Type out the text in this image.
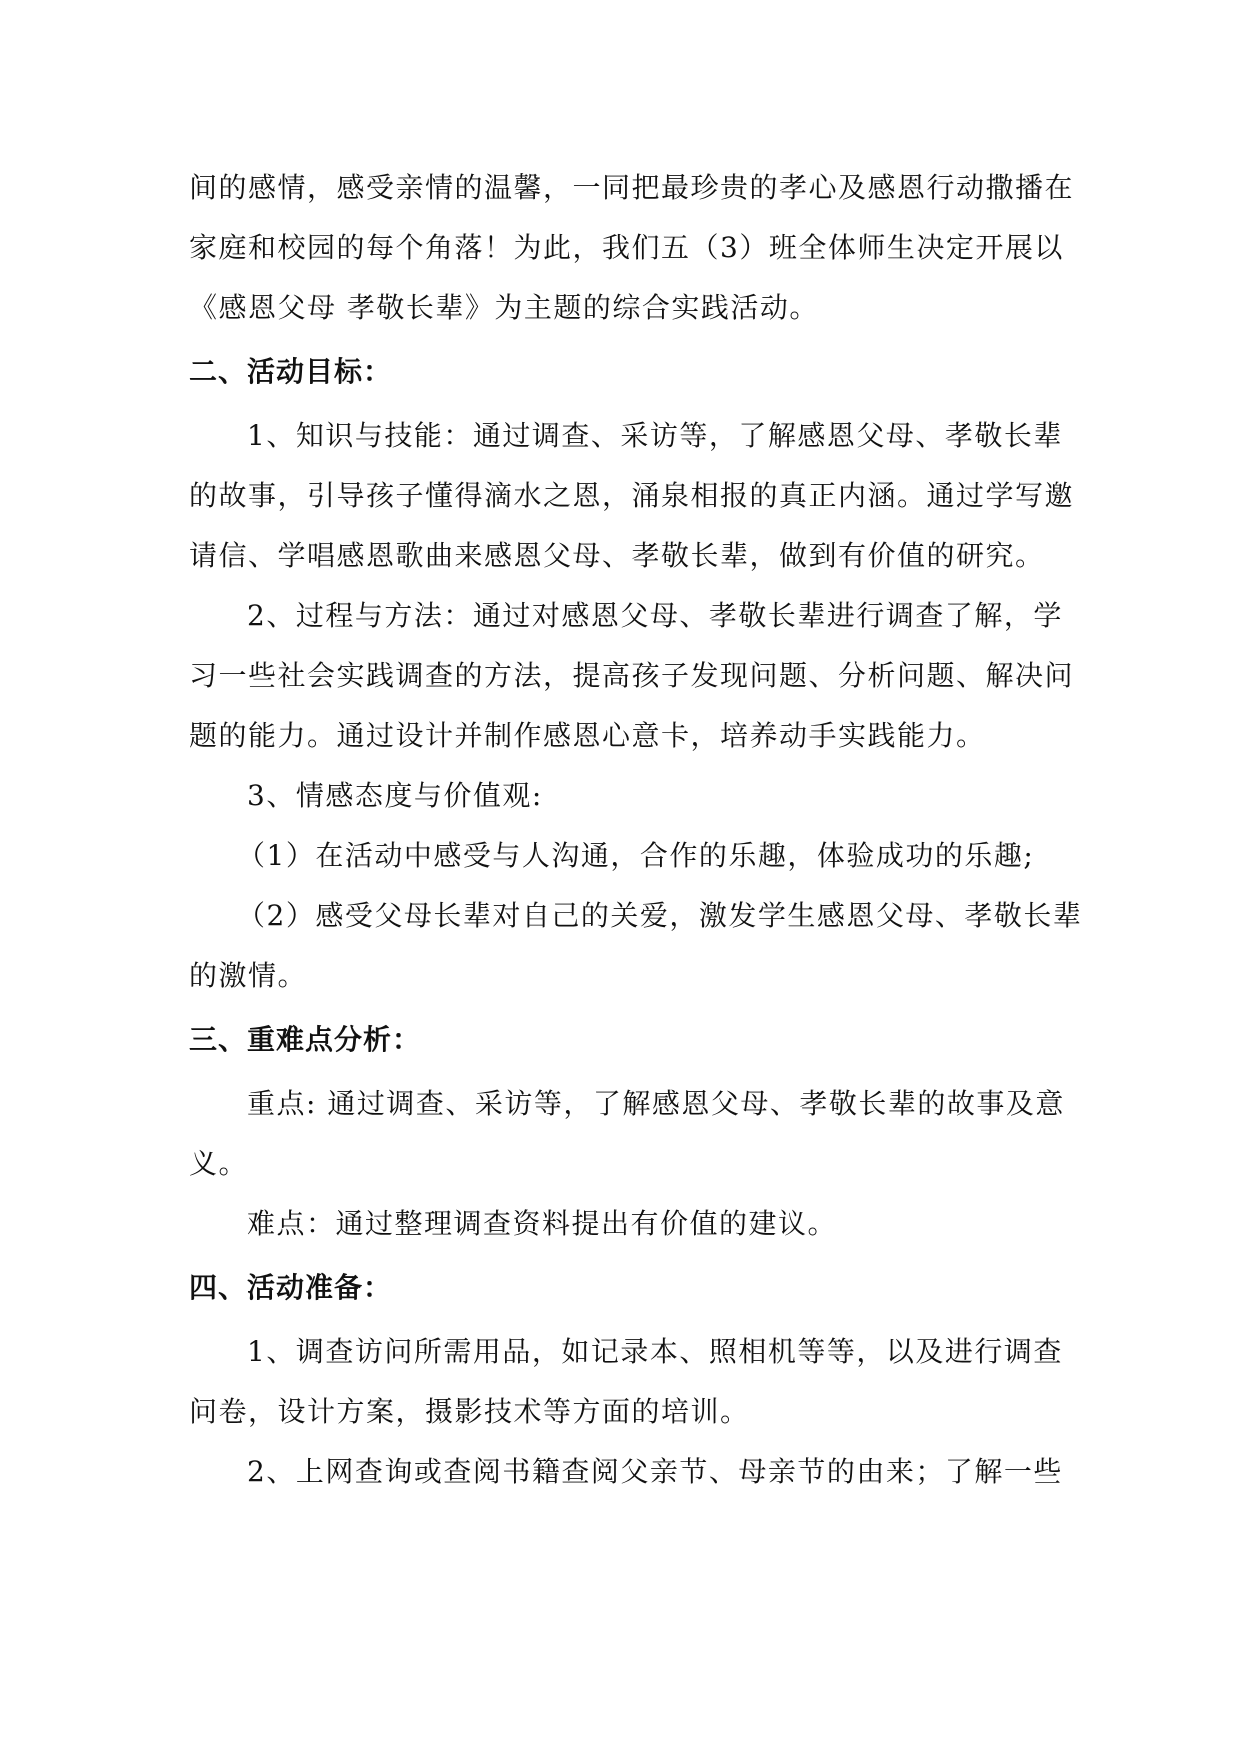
间的感情，感受亲情的温馨，一同把最珍贵的孝心及感恩行动撒播在
家庭和校园的每个角落！为此，我们五（3）班全体师生决定开展以
《感恩父母 孝敬长辈》为主题的综合实践活动。
二、活动目标：
1、知识与技能：通过调查、采访等，了解感恩父母、孝敬长辈
的故事，引导孩子懂得滴水之恩，涌泉相报的真正内涵。通过学写邀
请信、学唱感恩歌曲来感恩父母、孝敬长辈，做到有价值的研究。
2、过程与方法：通过对感恩父母、孝敬长辈进行调查了解，学
习一些社会实践调查的方法，提高孩子发现问题、分析问题、解决问
题的能力。通过设计并制作感恩心意卡，培养动手实践能力。
3、情感态度与价值观:
（1）在活动中感受与人沟通，合作的乐趣，体验成功的乐趣;
（2）感受父母长辈对自己的关爱，激发学生感恩父母、孝敬长辈
的激情。
三、重难点分析：
重点: 通过调查、采访等，了解感恩父母、孝敬长辈的故事及意
义。
难点：通过整理调查资料提出有价值的建议。
四、活动准备：
1、调查访问所需用品，如记录本、照相机等等，以及进行调查
问卷，设计方案，摄影技术等方面的培训。
2、上网查询或查阅书籍查阅父亲节、母亲节的由来；了解一些
